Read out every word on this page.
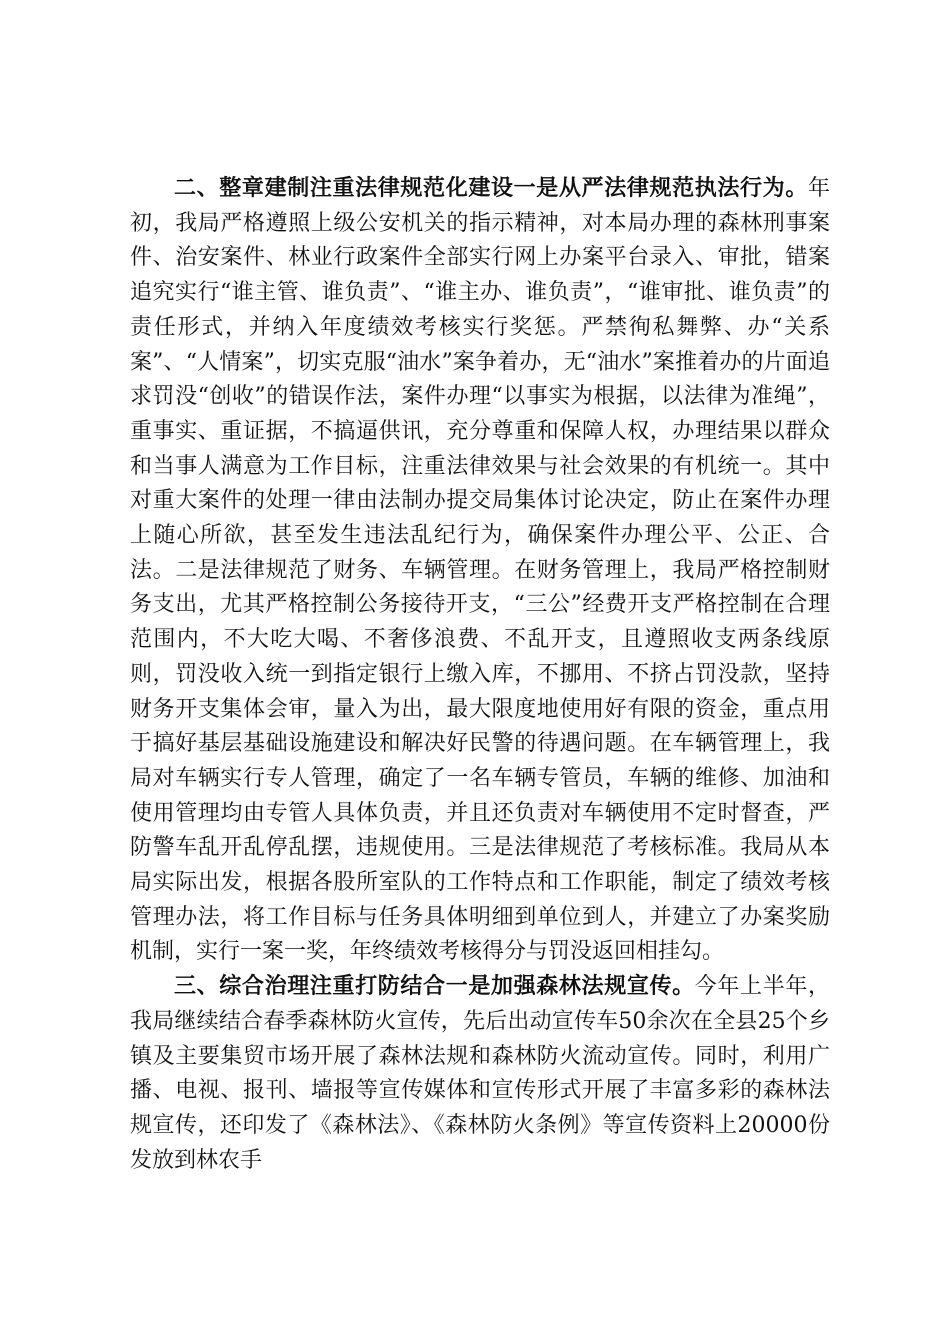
二、整章建制注重法律规范化建设一是从严法律规范执法行为。年初，我局严格遵照上级公安机关的指示精神，对本局办理的森林刑事案件、治安案件、林业行政案件全部实行网上办案平台录入、审批，错案追究实行“谁主管、谁负责”、“谁主办、谁负责”，“谁审批、谁负责”的责任形式，并纳入年度绩效考核实行奖惩。严禁徇私舞弊、办“关系案”、“人情案”，切实克服“油水”案争着办，无“油水”案推着办的片面追求罚没“创收”的错误作法，案件办理“以事实为根据，以法律为准绳”，重事实、重证据，不搞逼供讯，充分尊重和保障人权，办理结果以群众和当事人满意为工作目标，注重法律效果与社会效果的有机统一。其中对重大案件的处理一律由法制办提交局集体讨论决定，防止在案件办理上随心所欲，甚至发生违法乱纪行为，确保案件办理公平、公正、合法。二是法律规范了财务、车辆管理。在财务管理上，我局严格控制财务支出，尤其严格控制公务接待开支，“三公”经费开支严格控制在合理范围内，不大吃大喝、不奢侈浪费、不乱开支，且遵照收支两条线原则，罚没收入统一到指定银行上缴入库，不挪用、不挤占罚没款，坚持财务开支集体会审，量入为出，最大限度地使用好有限的资金，重点用于搞好基层基础设施建设和解决好民警的待遇问题。在车辆管理上，我局对车辆实行专人管理，确定了一名车辆专管员，车辆的维修、加油和使用管理均由专管人具体负责，并且还负责对车辆使用不定时督查，严防警车乱开乱停乱摆，违规使用。三是法律规范了考核标准。我局从本局实际出发，根据各股所室队的工作特点和工作职能，制定了绩效考核管理办法，将工作目标与任务具体明细到单位到人，并建立了办案奖励机制，实行一案一奖，年终绩效考核得分与罚没返回相挂勾。

三、综合治理注重打防结合一是加强森林法规宣传。今年上半年，我局继续结合春季森林防火宣传，先后出动宣传车50余次在全县25个乡镇及主要集贸市场开展了森林法规和森林防火流动宣传。同时，利用广播、电视、报刊、墙报等宣传媒体和宣传形式开展了丰富多彩的森林法规宣传，还印发了《森林法》、《森林防火条例》等宣传资料上20000份发放到林农手
